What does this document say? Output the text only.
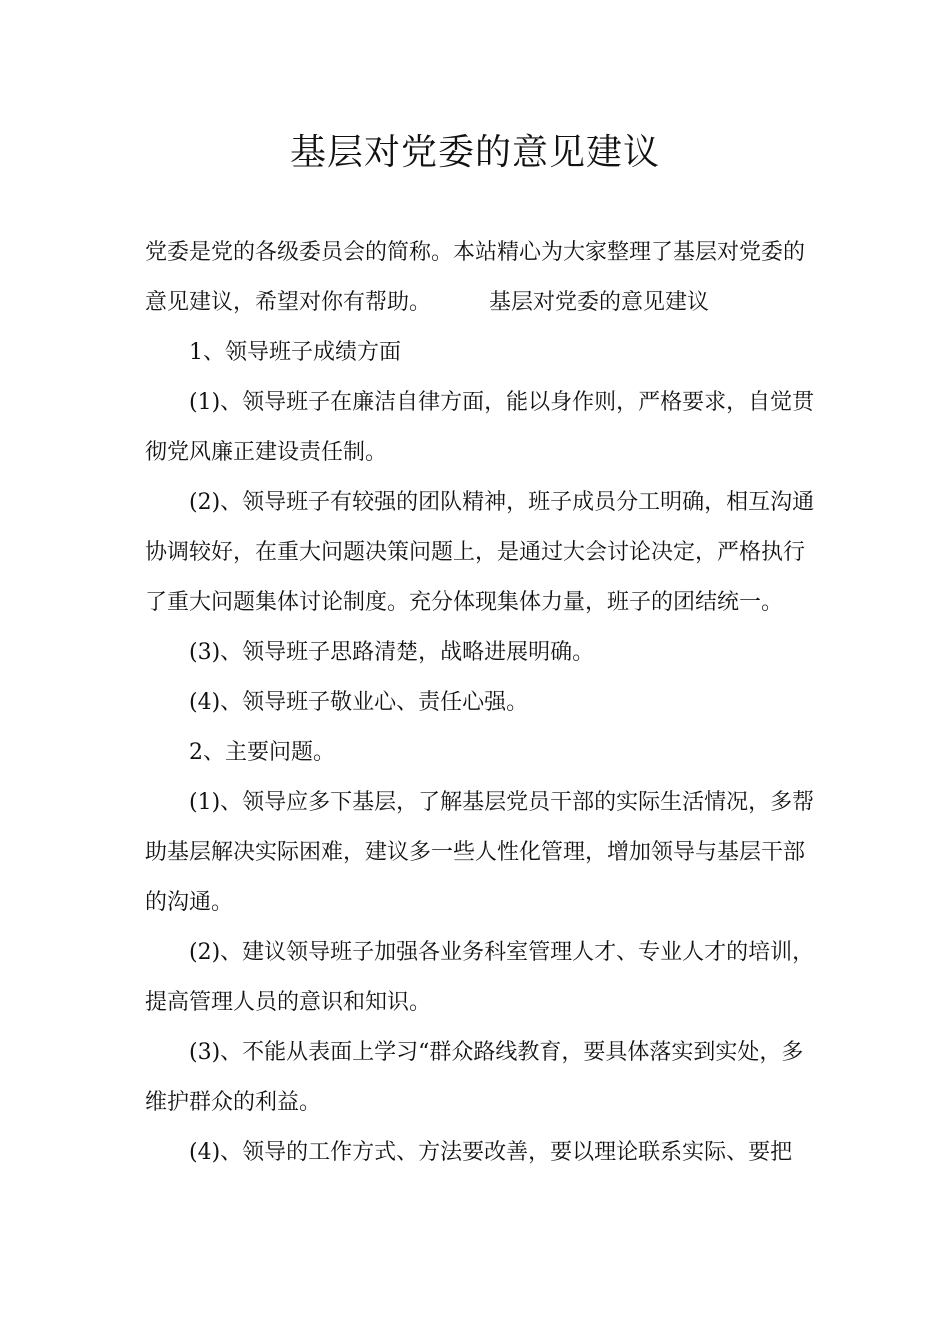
基层对党委的意见建议

党委是党的各级委员会的简称。本站精心为大家整理了基层对党委的意见建议，希望对你有帮助。	基层对党委的意见建议

1、领导班子成绩方面

(1)、领导班子在廉洁自律方面，能以身作则，严格要求，自觉贯彻党风廉正建设责任制。

(2)、领导班子有较强的团队精神，班子成员分工明确，相互沟通协调较好，在重大问题决策问题上，是通过大会讨论决定，严格执行了重大问题集体讨论制度。充分体现集体力量，班子的团结统一。

(3)、领导班子思路清楚，战略进展明确。

(4)、领导班子敬业心、责任心强。

2、主要问题。

(1)、领导应多下基层，了解基层党员干部的实际生活情况，多帮助基层解决实际困难，建议多一些人性化管理，增加领导与基层干部的沟通。

(2)、建议领导班子加强各业务科室管理人才、专业人才的培训，提高管理人员的意识和知识。

(3)、不能从表面上学习“群众路线教育，要具体落实到实处，多维护群众的利益。

(4)、领导的工作方式、方法要改善，要以理论联系实际、要把
